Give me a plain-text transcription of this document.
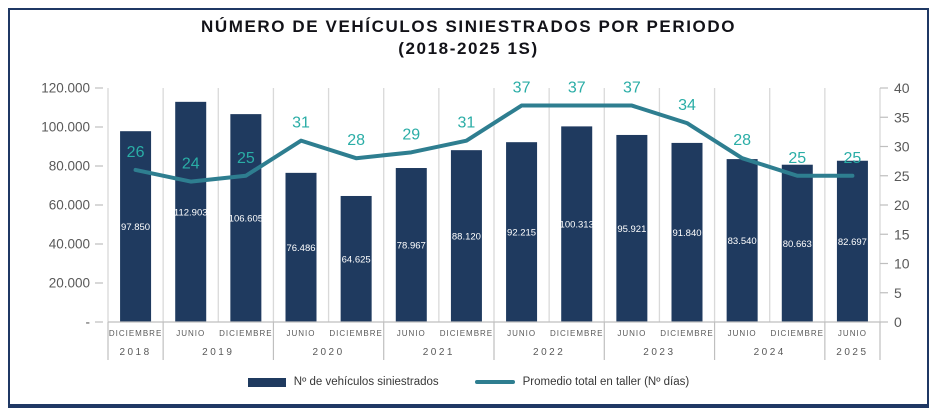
NÚMERO DE VEHÍCULOS SINIESTRADOS POR PERIODO
(2018-2025 1S)
120.000
100.000
80.000
60.000
40.000
20.000
-
40
35
30
25
20
15
10
5
0
97.850
112.903
106.605
76.486
64.625
78.967
88.120	92.215
100.313 95.921	91.840
83.540	80.663	82.697
26
24 25
31
28 29
31
37 37 37
34
28
25 25
DICIEMBRE JUNIO DICIEMBRE JUNIO DICIEMBRE JUNIO DICIEMBRE JUNIO DICIEMBRE JUNIO DICIEMBRE JUNIO DICIEMBRE JUNIO
2018	2019	2020	2021	2022	2023	2024	2025
Nº de vehículos siniestrados	Promedio total en taller (Nº días)
